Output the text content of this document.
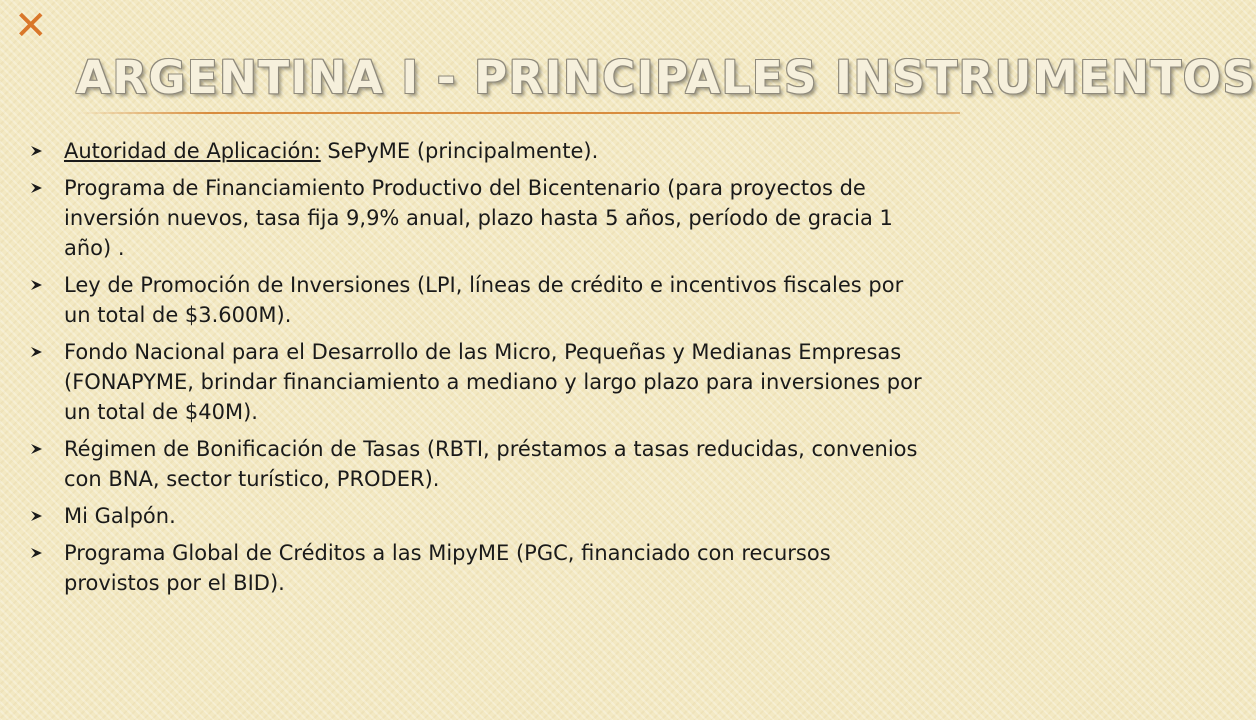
✕
ARGENTINA I - PRINCIPALES INSTRUMENTOS
Autoridad de Aplicación: SePyME (principalmente).
Programa de Financiamiento Productivo del Bicentenario (para proyectos de inversión nuevos, tasa fija 9,9% anual, plazo hasta 5 años, período de gracia 1 año) .
Ley de Promoción de Inversiones (LPI, líneas de crédito e incentivos fiscales por un total de $3.600M).
Fondo Nacional para el Desarrollo de las Micro, Pequeñas y Medianas Empresas (FONAPYME, brindar financiamiento a mediano y largo plazo para inversiones por un total de $40M).
Régimen de Bonificación de Tasas (RBTI, préstamos a tasas reducidas, convenios con BNA, sector turístico, PRODER).
Mi Galpón.
Programa Global de Créditos a las MipyME (PGC, financiado con recursos provistos por el BID).
